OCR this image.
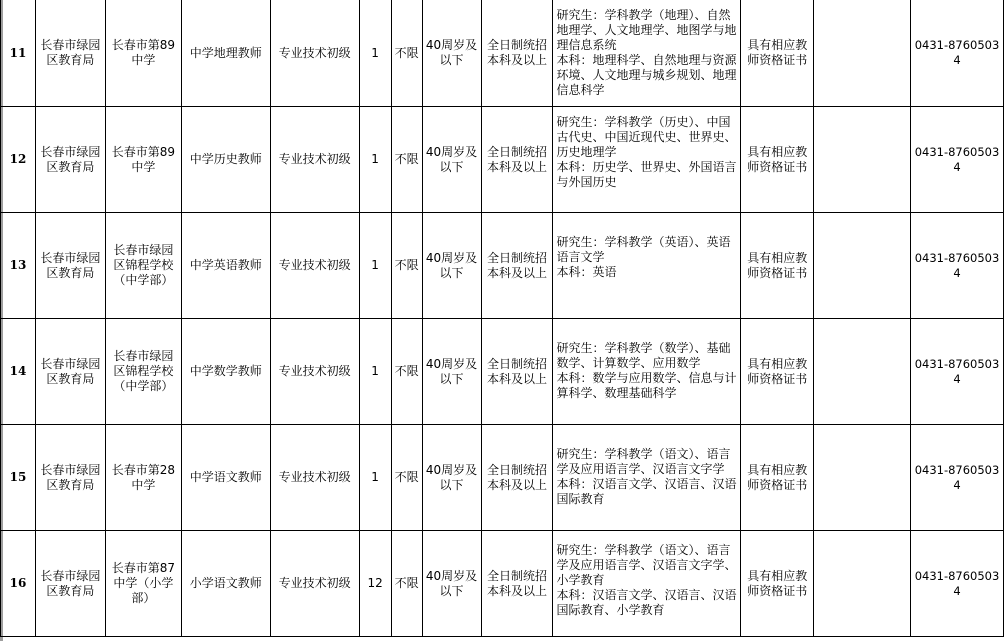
11	长春市绿园区教育局	长春市第89中学	中学地理教师	专业技术初级	1	不限	40周岁及以下	全日制统招本科及以上	研究生：学科教学（地理）、自然地理学、人文地理学、地图学与地理信息系统
本科：地理科学、自然地理与资源环境、人文地理与城乡规划、地理信息科学	具有相应教师资格证书		0431-87605034
12	长春市绿园区教育局	长春市第89中学	中学历史教师	专业技术初级	1	不限	40周岁及以下	全日制统招本科及以上	研究生：学科教学（历史）、中国古代史、中国近现代史、世界史、历史地理学
本科：历史学、世界史、外国语言与外国历史	具有相应教师资格证书		0431-87605034
13	长春市绿园区教育局	长春市绿园区锦程学校（中学部）	中学英语教师	专业技术初级	1	不限	40周岁及以下	全日制统招本科及以上	研究生：学科教学（英语）、英语语言文学
本科：英语	具有相应教师资格证书		0431-87605034
14	长春市绿园区教育局	长春市绿园区锦程学校（中学部）	中学数学教师	专业技术初级	1	不限	40周岁及以下	全日制统招本科及以上	研究生：学科教学（数学）、基础数学、计算数学、应用数学
本科：数学与应用数学、信息与计算科学、数理基础科学	具有相应教师资格证书		0431-87605034
15	长春市绿园区教育局	长春市第28中学	中学语文教师	专业技术初级	1	不限	40周岁及以下	全日制统招本科及以上	研究生：学科教学（语文）、语言学及应用语言学、汉语言文字学
本科：汉语言文学、汉语言、汉语国际教育	具有相应教师资格证书		0431-87605034
16	长春市绿园区教育局	长春市第87中学（小学部）	小学语文教师	专业技术初级	12	不限	40周岁及以下	全日制统招本科及以上	研究生：学科教学（语文）、语言学及应用语言学、汉语言文字学、小学教育
本科：汉语言文学、汉语言、汉语国际教育、小学教育	具有相应教师资格证书		0431-87605034
